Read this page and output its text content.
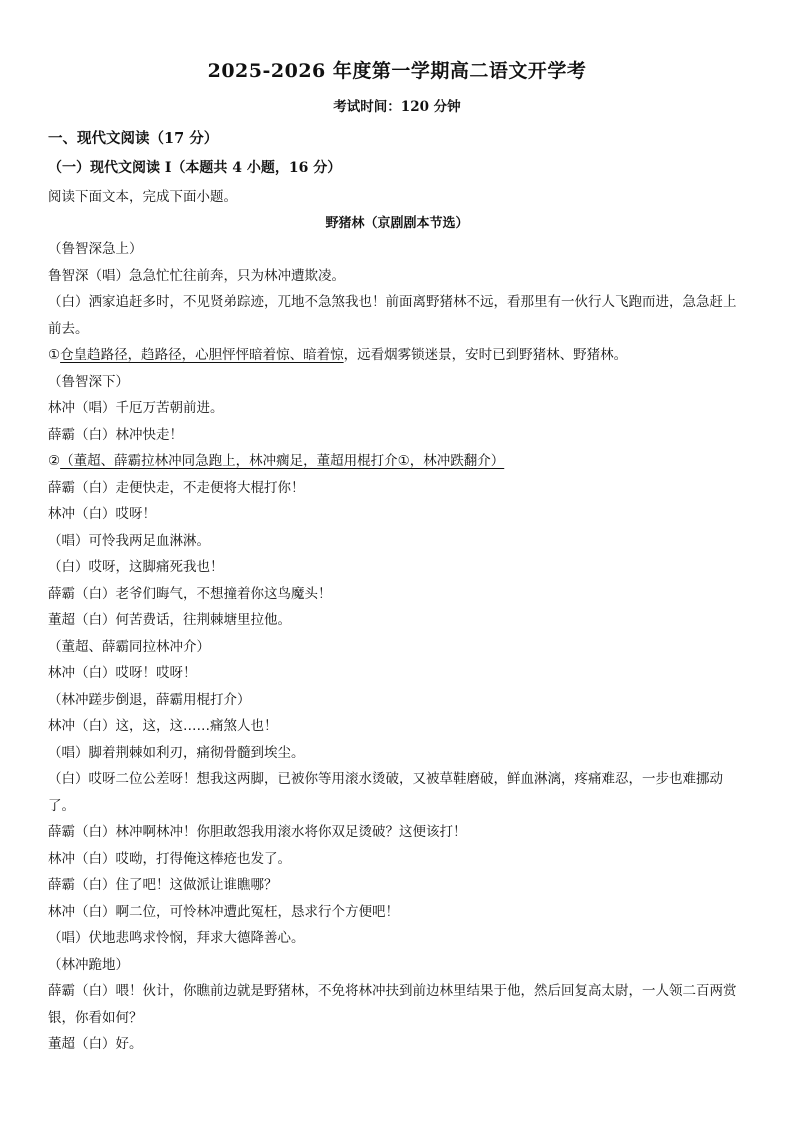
2025-2026 年度第一学期高二语文开学考
考试时间：120 分钟
一、现代文阅读（17 分）
（一）现代文阅读 I（本题共 4 小题，16 分）
阅读下面文本，完成下面小题。
野猪林（京剧剧本节选）
（鲁智深急上）
鲁智深（唱）急急忙忙往前奔，只为林冲遭欺凌。
（白）洒家追赶多时，不见贤弟踪迹，兀地不急煞我也！前面离野猪林不远，看那里有一伙行人飞跑而进，急急赶上前去。
①仓皇趋路径，趋路径，心胆怦怦暗着惊、暗着惊，远看烟雾锁迷景，安时已到野猪林、野猪林。
（鲁智深下）
林冲（唱）千厄万苦朝前进。
薛霸（白）林冲快走！
②（董超、薛霸拉林冲同急跑上，林冲瘸足，董超用棍打介①，林冲跌翻介）
薛霸（白）走便快走，不走便将大棍打你！
林冲（白）哎呀！
（唱）可怜我两足血淋淋。
（白）哎呀，这脚痛死我也！
薛霸（白）老爷们晦气，不想撞着你这鸟魔头！
董超（白）何苦费话，往荆棘塘里拉他。
（董超、薛霸同拉林冲介）
林冲（白）哎呀！哎呀！
（林冲蹉步倒退，薛霸用棍打介）
林冲（白）这，这，这……痛煞人也！
（唱）脚着荆棘如利刃，痛彻骨髓到埃尘。
（白）哎呀二位公差呀！想我这两脚，已被你等用滚水烫破，又被草鞋磨破，鲜血淋漓，疼痛难忍，一步也难挪动了。
薛霸（白）林冲啊林冲！你胆敢怨我用滚水将你双足烫破？这便该打！
林冲（白）哎呦，打得俺这棒疮也发了。
薛霸（白）住了吧！这做派让谁瞧哪？
林冲（白）啊二位，可怜林冲遭此冤枉，恳求行个方便吧！
（唱）伏地悲鸣求怜悯，拜求大德降善心。
（林冲跪地）
薛霸（白）喂！伙计，你瞧前边就是野猪林，不免将林冲扶到前边林里结果于他，然后回复高太尉，一人领二百两赏银，你看如何？
董超（白）好。
